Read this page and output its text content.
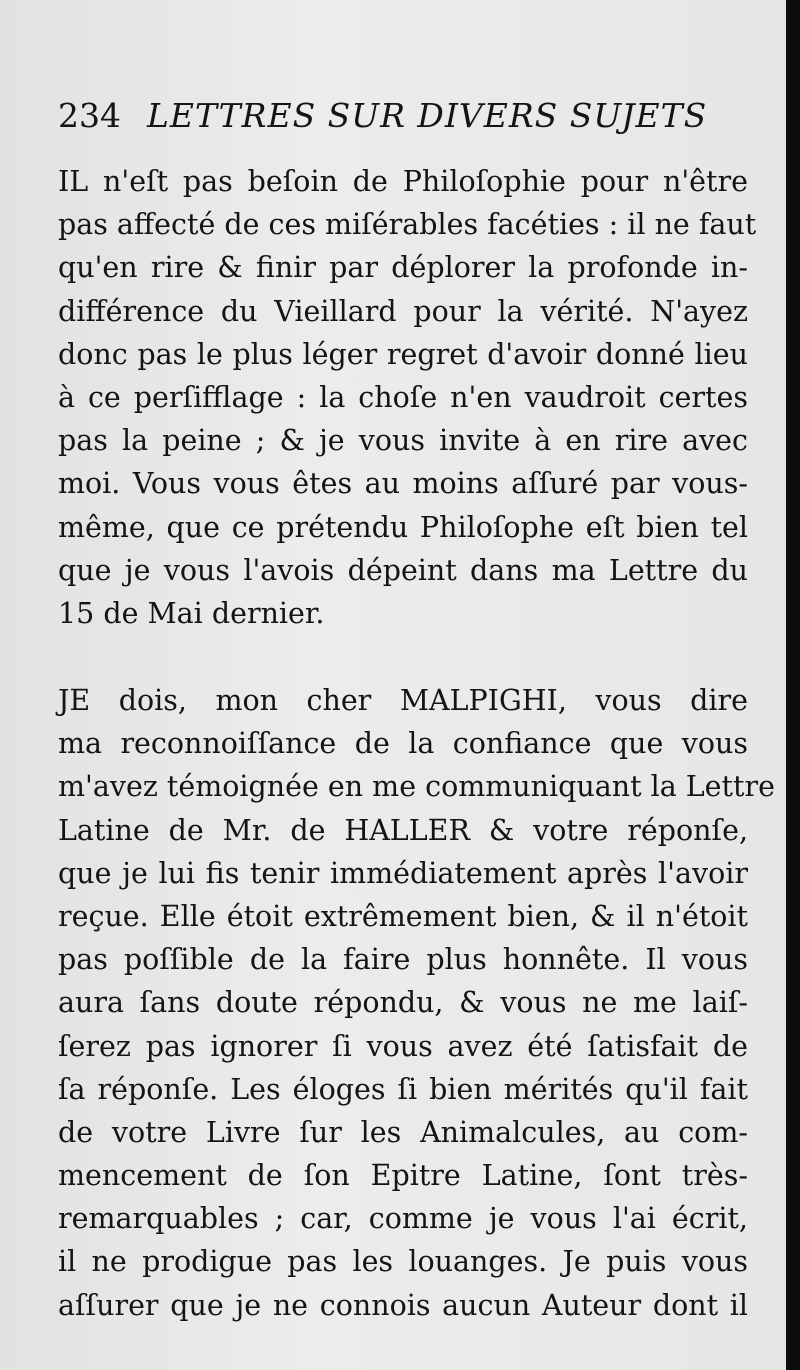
234 LETTRES SUR DIVERS SUJETS
IL n'eſt pas beſoin de Philoſophie pour n'être
pas affecté de ces miſérables facéties : il ne faut
qu'en rire & finir par déplorer la profonde in-
différence du Vieillard pour la vérité. N'ayez
donc pas le plus léger regret d'avoir donné lieu
à ce perſifflage : la choſe n'en vaudroit certes
pas la peine ; & je vous invite à en rire avec
moi. Vous vous êtes au moins aſſuré par vous-
même, que ce prétendu Philoſophe eſt bien tel
que je vous l'avois dépeint dans ma Lettre du
15 de Mai dernier.
JE dois, mon cher MALPIGHI, vous dire
ma reconnoiſſance de la confiance que vous
m'avez témoignée en me communiquant la Lettre
Latine de Mr. de HALLER & votre réponſe,
que je lui fis tenir immédiatement après l'avoir
reçue. Elle étoit extrêmement bien, & il n'étoit
pas poſſible de la faire plus honnête. Il vous
aura ſans doute répondu, & vous ne me laiſ-
ſerez pas ignorer ſi vous avez été ſatisfait de
ſa réponſe. Les éloges ſi bien mérités qu'il fait
de votre Livre ſur les Animalcules, au com-
mencement de ſon Epitre Latine, ſont très-
remarquables ; car, comme je vous l'ai écrit,
il ne prodigue pas les louanges. Je puis vous
aſſurer que je ne connois aucun Auteur dont il
